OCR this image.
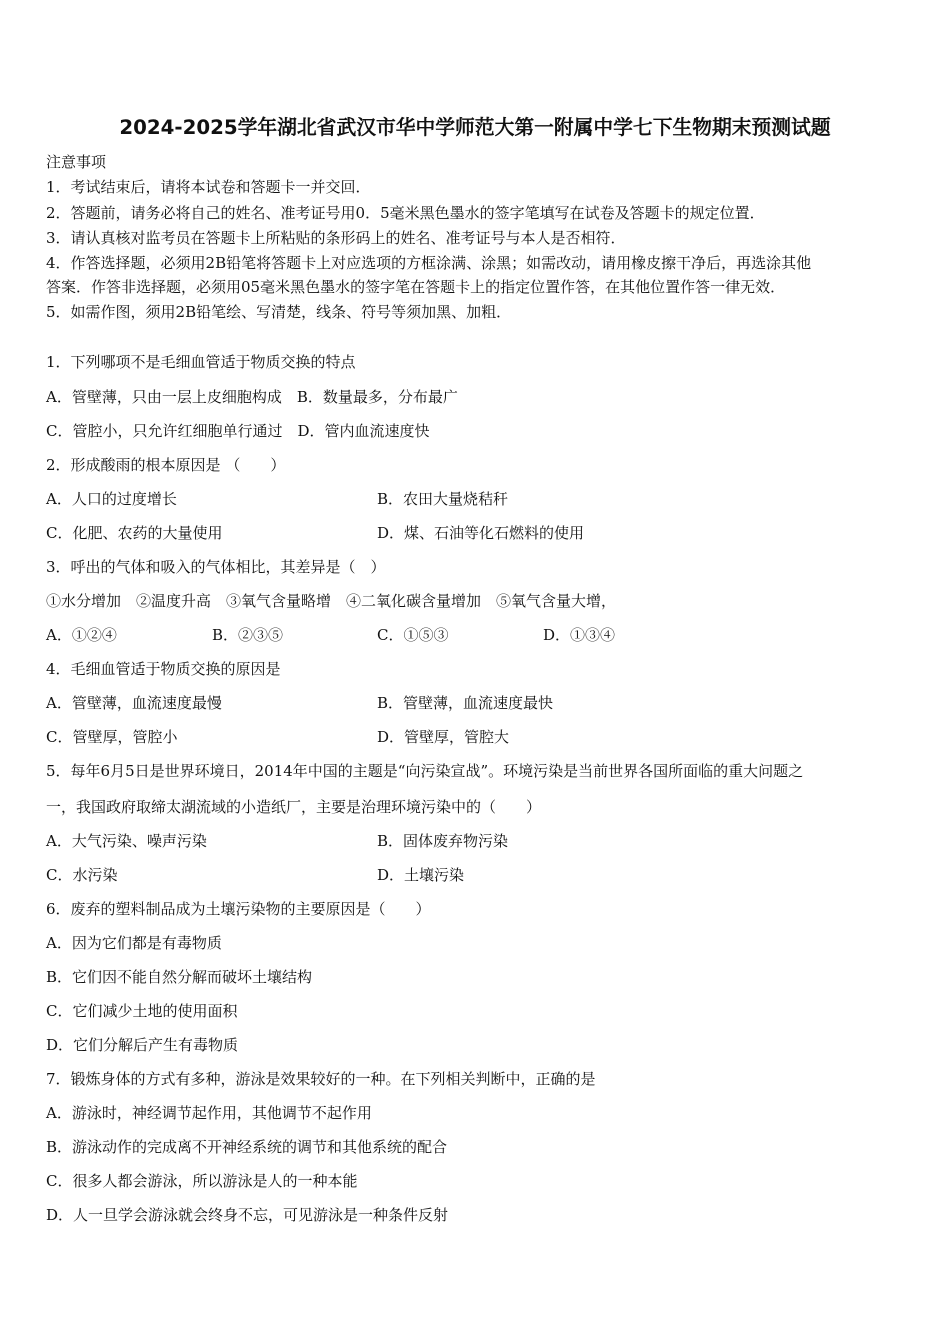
2024-2025学年湖北省武汉市华中学师范大第一附属中学七下生物期末预测试题
注意事项
1．考试结束后，请将本试卷和答题卡一并交回．
2．答题前，请务必将自己的姓名、准考证号用0．5毫米黑色墨水的签字笔填写在试卷及答题卡的规定位置．
3．请认真核对监考员在答题卡上所粘贴的条形码上的姓名、准考证号与本人是否相符．
4．作答选择题，必须用2B铅笔将答题卡上对应选项的方框涂满、涂黑；如需改动，请用橡皮擦干净后，再选涂其他
答案．作答非选择题，必须用05毫米黑色墨水的签字笔在答题卡上的指定位置作答，在其他位置作答一律无效．
5．如需作图，须用2B铅笔绘、写清楚，线条、符号等须加黑、加粗．
1．下列哪项不是毛细血管适于物质交换的特点
A．管壁薄，只由一层上皮细胞构成　B．数量最多，分布最广
C．管腔小，只允许红细胞单行通过　D．管内血流速度快
2．形成酸雨的根本原因是 （　　）
A．人口的过度增长	B．农田大量烧秸秆
C．化肥、农药的大量使用	D．煤、石油等化石燃料的使用
3．呼出的气体和吸入的气体相比，其差异是（　）
①水分增加　②温度升高　③氧气含量略增　④二氧化碳含量增加　⑤氧气含量大增，
A．①②④	B．②③⑤	C．①⑤③	D．①③④
4．毛细血管适于物质交换的原因是
A．管壁薄，血流速度最慢	B．管壁薄，血流速度最快
C．管壁厚，管腔小	D．管壁厚，管腔大
5．每年6月5日是世界环境日，2014年中国的主题是“向污染宣战”。环境污染是当前世界各国所面临的重大问题之
一，我国政府取缔太湖流域的小造纸厂，主要是治理环境污染中的（　　）
A．大气污染、噪声污染	B．固体废弃物污染
C．水污染	D．土壤污染
6．废弃的塑料制品成为土壤污染物的主要原因是（　　）
A．因为它们都是有毒物质
B．它们因不能自然分解而破坏土壤结构
C．它们减少土地的使用面积
D．它们分解后产生有毒物质
7．锻炼身体的方式有多种，游泳是效果较好的一种。在下列相关判断中，正确的是
A．游泳时，神经调节起作用，其他调节不起作用
B．游泳动作的完成离不开神经系统的调节和其他系统的配合
C．很多人都会游泳，所以游泳是人的一种本能
D．人一旦学会游泳就会终身不忘，可见游泳是一种条件反射
